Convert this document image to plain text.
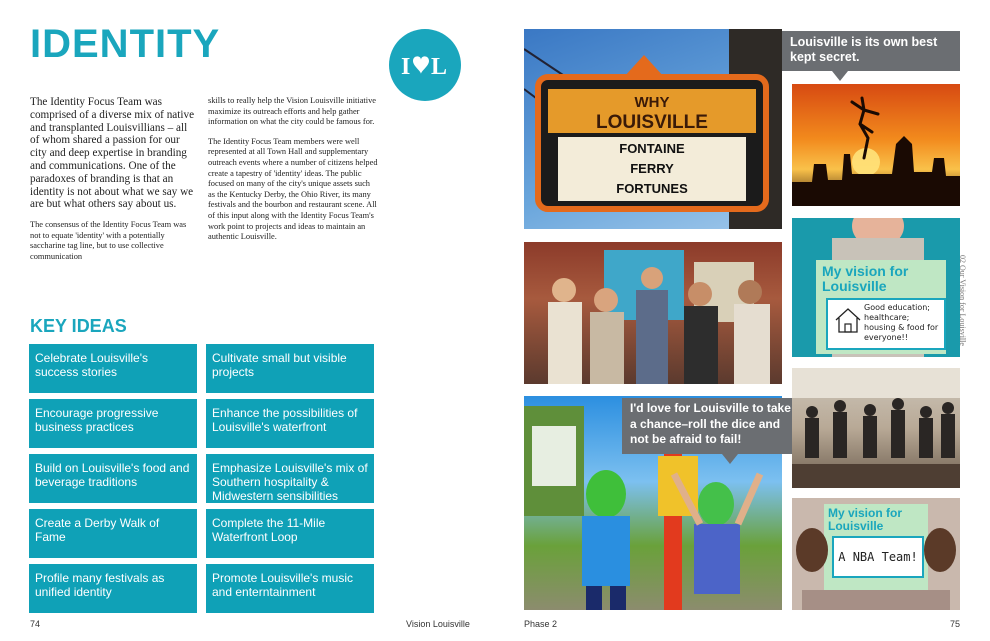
IDENTITY
I L

The Identity Focus Team was comprised of a diverse mix of native and transplanted Louisvillians – all of whom shared a passion for our city and deep expertise in branding and communications. One of the paradoxes of branding is that an identity is not about what we say we are but what others say about us.

The consensus of the Identity Focus Team was not to equate 'identity' with a potentially saccharine tag line, but to use collective communication

skills to really help the Vision Louisville initiative maximize its outreach efforts and help gather information on what the city could be famous for.

The Identity Focus Team members were well represented at all Town Hall and supplementary outreach events where a number of citizens helped create a tapestry of 'identity' ideas. The public focused on many of the city's unique assets such as the Kentucky Derby, the Ohio River, its many festivals and the bourbon and restaurant scene. All of this input along with the Identity Focus Team's work point to projects and ideas to maintain an authentic Louisville.

KEY IDEAS
Celebrate Louisville's success stories
Cultivate small but visible projects
Encourage progressive business practices
Enhance the possibilities of Louisville's waterfront
Build on Louisville's food and beverage traditions
Emphasize Louisville's mix of Southern hospitality & Midwestern sensibilities
Create a Derby Walk of Fame
Complete the 11-Mile Waterfront Loop
Profile many festivals as unified identity
Promote Louisville's music and enterntainment
74	Vision Louisville
WHY
LOUISVILLE
FONTAINE
FERRY
FORTUNES
Louisville is its own best kept secret.
My vision for Louisville
Good education; healthcare; housing & food for everyone!!
I'd love for Louisville to take a chance–roll the dice and not be afraid to fail!
My vision for Louisville
A NBA Team!
02 Our Vision for Louisville
Phase 2	75
